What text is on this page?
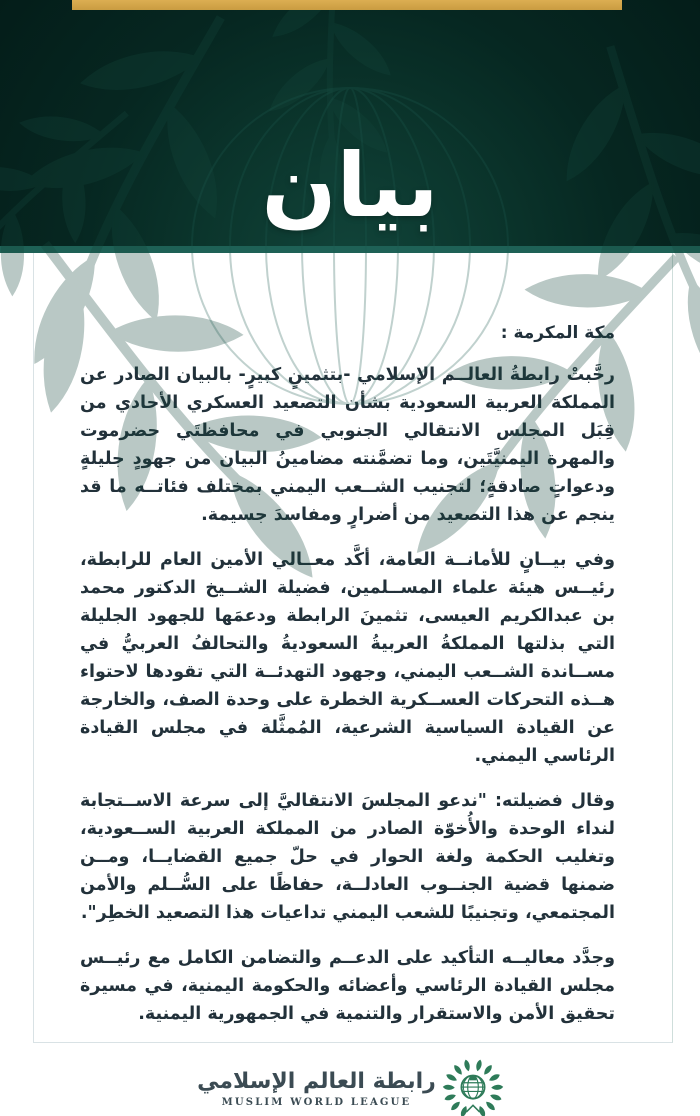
بيان

مكة المكرمة :

رحَّبتْ رابطةُ العالــم الإسلامي -بتثمينٍ كبيرٍ- بالبيان الصادر عن المملكة العربية السعودية بشأن التصعيد العسكري الأحادي من قِبَل المجلس الانتقالي الجنوبي في محافظتَي حضرموت والمهرة اليمنيَّتَين، وما تضمَّنته مضامينُ البيان من جهودٍ جليلةٍ ودعواتٍ صادقةٍ؛ لتجنيب الشــعب اليمني بمختلف فئاتــه ما قد ينجم عن هذا التصعيد من أضرارٍ ومفاسدَ جسيمة.

وفي بيــانٍ للأمانــة العامة، أكَّد معــالي الأمين العام للرابطة، رئيــس هيئة علماء المســلمين، فضيلة الشــيخ الدكتور محمد بن عبدالكريم العيسى، تثمينَ الرابطة ودعمَها للجهود الجليلة التي بذلتها المملكةُ العربيةُ السعوديةُ والتحالفُ العربيُّ في مســاندة الشــعب اليمني، وجهود التهدئــة التي تقودها لاحتواء هــذه التحركات العســكرية الخطرة على وحدة الصف، والخارجة عن القيادة السياسية الشرعية، المُمثَّلة في مجلس القيادة الرئاسي اليمني.

وقال فضيلته: "ندعو المجلسَ الانتقاليَّ إلى سرعة الاســتجابة لنداء الوحدة والأُخوّة الصادر من المملكة العربية الســعودية، وتغليب الحكمة ولغة الحوار في حلّ جميع القضايــا، ومــن ضمنها قضية الجنــوب العادلــة، حفاظًا على السُّــلم والأمن المجتمعي، وتجنيبًا للشعب اليمني تداعيات هذا التصعيد الخطِر".

وجدَّد معاليــه التأكيد على الدعــم والتضامن الكامل مع رئيــس مجلس القيادة الرئاسي وأعضائه والحكومة اليمنية، في مسيرة تحقيق الأمن والاستقرار والتنمية في الجمهورية اليمنية.

رابطة العالم الإسلامي
MUSLIM WORLD LEAGUE
